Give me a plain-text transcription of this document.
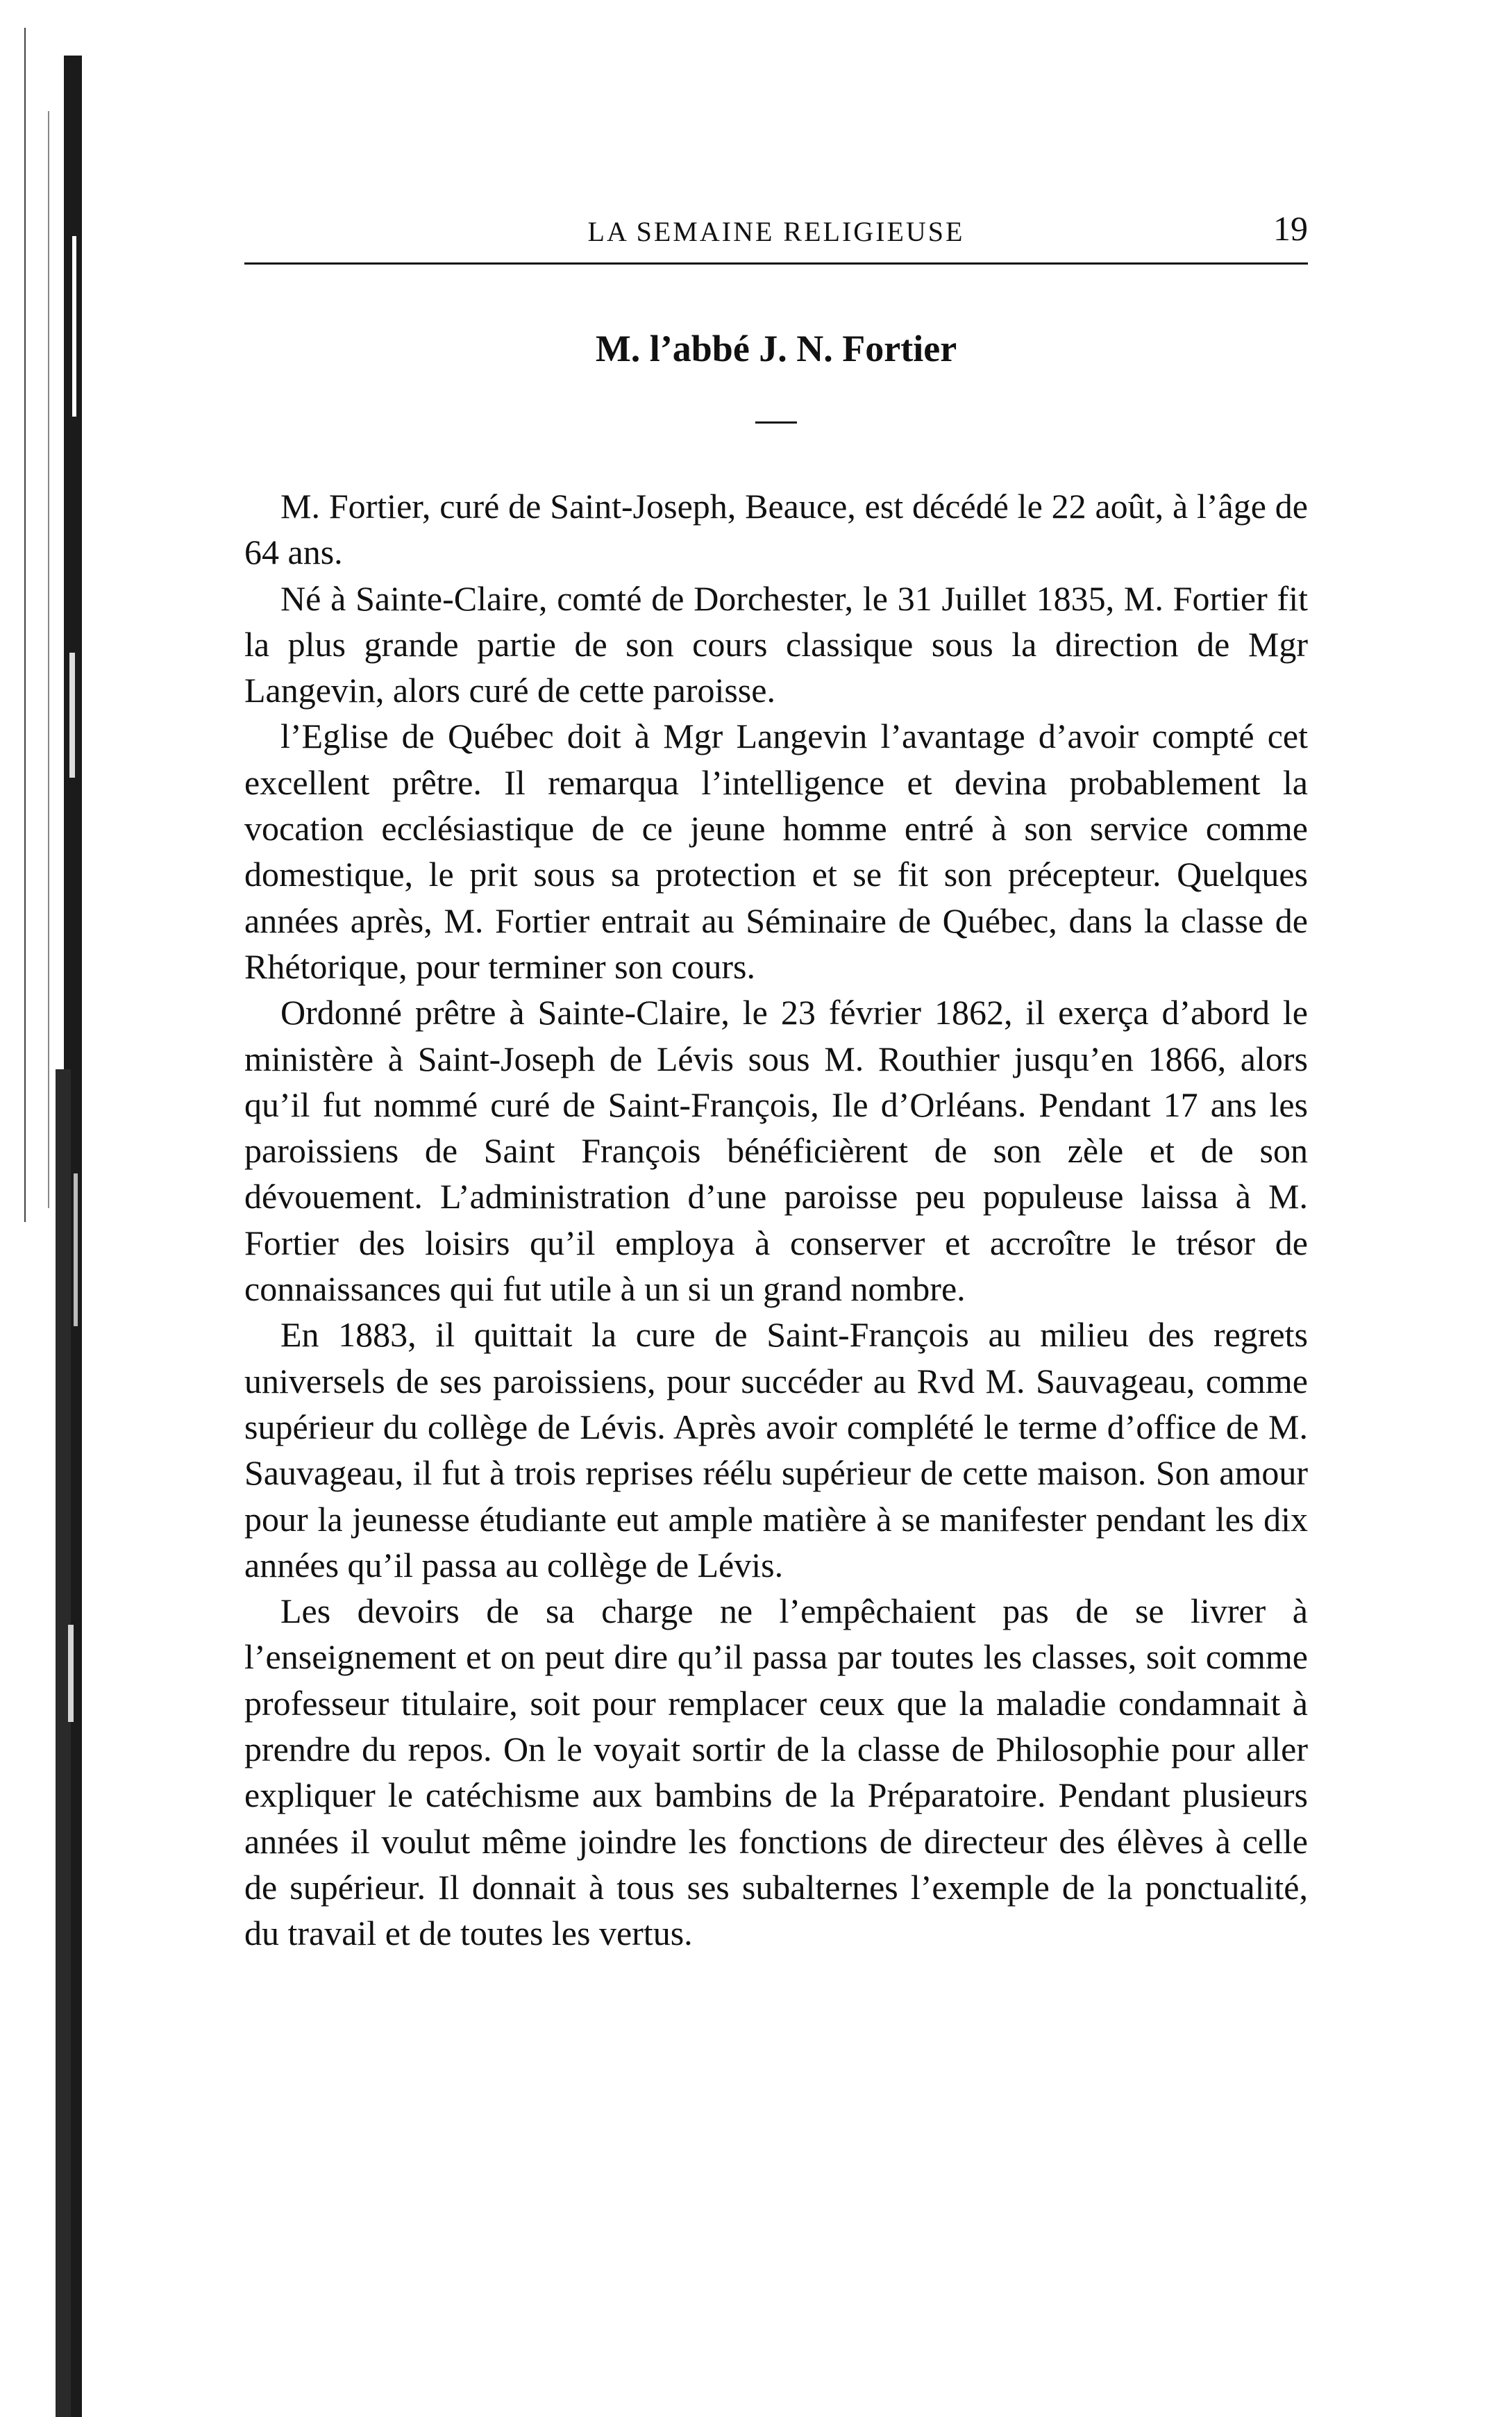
LA SEMAINE RELIGIEUSE	19
M. l’abbé J. N. Fortier

M. Fortier, curé de Saint-Joseph, Beauce, est décédé le 22 août, à l’âge de 64 ans.

Né à Sainte-Claire, comté de Dorchester, le 31 Juillet 1835, M. Fortier fit la plus grande partie de son cours classique sous la direction de Mgr Langevin, alors curé de cette paroisse.

l’Eglise de Québec doit à Mgr Langevin l’avantage d’avoir compté cet excellent prêtre. Il remarqua l’intelligence et devina probablement la vocation ecclésiastique de ce jeune homme entré à son service comme domestique, le prit sous sa protection et se fit son précepteur. Quelques années après, M. Fortier entrait au Séminaire de Québec, dans la classe de Rhétorique, pour terminer son cours.

Ordonné prêtre à Sainte-Claire, le 23 février 1862, il exerça d’abord le ministère à Saint-Joseph de Lévis sous M. Routhier jusqu’en 1866, alors qu’il fut nommé curé de Saint-François, Ile d’Orléans. Pendant 17 ans les paroissiens de Saint François bénéficièrent de son zèle et de son dévouement. L’administration d’une paroisse peu populeuse laissa à M. Fortier des loisirs qu’il employa à conserver et accroître le trésor de connaissances qui fut utile à un si un grand nombre.

En 1883, il quittait la cure de Saint-François au milieu des regrets universels de ses paroissiens, pour succéder au Rvd M. Sauvageau, comme supérieur du collège de Lévis. Après avoir complété le terme d’office de M. Sauvageau, il fut à trois reprises réélu supérieur de cette maison. Son amour pour la jeunesse étudiante eut ample matière à se manifester pendant les dix années qu’il passa au collège de Lévis.

Les devoirs de sa charge ne l’empêchaient pas de se livrer à l’enseignement et on peut dire qu’il passa par toutes les classes, soit comme professeur titulaire, soit pour remplacer ceux que la maladie condamnait à prendre du repos. On le voyait sortir de la classe de Philosophie pour aller expliquer le catéchisme aux bambins de la Préparatoire. Pendant plusieurs années il voulut même joindre les fonctions de directeur des élèves à celle de supérieur. Il donnait à tous ses subalternes l’exemple de la ponctualité, du travail et de toutes les vertus.
